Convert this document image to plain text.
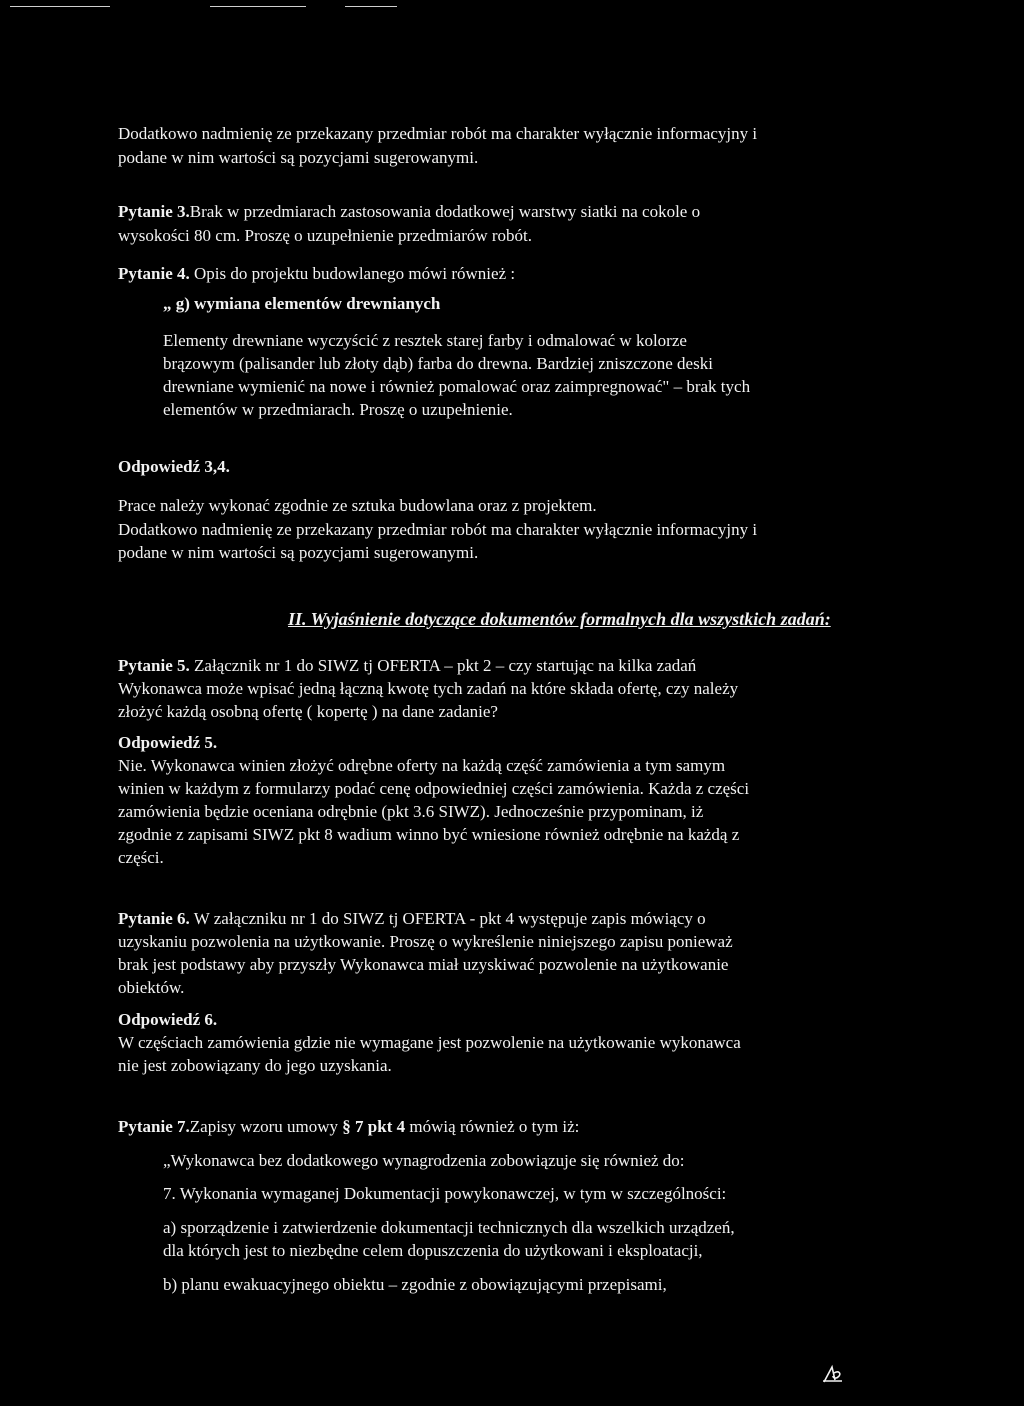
Dodatkowo nadmienię ze przekazany przedmiar robót ma charakter wyłącznie informacyjny i
podane w nim wartości są pozycjami sugerowanymi.
Pytanie 3.Brak w przedmiarach zastosowania dodatkowej warstwy siatki na cokole o
wysokości 80 cm. Proszę o uzupełnienie przedmiarów robót.
Pytanie 4. Opis do projektu budowlanego mówi również :
„ g) wymiana elementów drewnianych
Elementy drewniane wyczyścić z resztek starej farby i odmalować w kolorze
brązowym (palisander lub złoty dąb) farba do drewna. Bardziej zniszczone deski
drewniane wymienić na nowe i również pomalować oraz zaimpregnować" – brak tych
elementów w przedmiarach. Proszę o uzupełnienie.
Odpowiedź 3,4.
Prace należy wykonać zgodnie ze sztuka budowlana oraz z projektem.
Dodatkowo nadmienię ze przekazany przedmiar robót ma charakter wyłącznie informacyjny i
podane w nim wartości są pozycjami sugerowanymi.
II. Wyjaśnienie dotyczące dokumentów formalnych dla wszystkich zadań:
Pytanie 5. Załącznik nr 1 do SIWZ tj OFERTA – pkt 2 – czy startując na kilka zadań
Wykonawca może wpisać jedną łączną kwotę tych zadań na które składa ofertę, czy należy
złożyć każdą osobną ofertę ( kopertę ) na dane zadanie?
Odpowiedź 5.
Nie. Wykonawca winien złożyć odrębne oferty na każdą część zamówienia a tym samym
winien w każdym z formularzy podać cenę odpowiedniej części zamówienia. Każda z części
zamówienia będzie oceniana odrębnie (pkt 3.6 SIWZ). Jednocześnie przypominam, iż
zgodnie z zapisami SIWZ pkt 8 wadium winno być wniesione również odrębnie na każdą z
części.
Pytanie 6. W załączniku nr 1 do SIWZ tj OFERTA - pkt 4 występuje zapis mówiący o
uzyskaniu pozwolenia na użytkowanie. Proszę o wykreślenie niniejszego zapisu ponieważ
brak jest podstawy aby przyszły Wykonawca miał uzyskiwać pozwolenie na użytkowanie
obiektów.
Odpowiedź 6.
W częściach zamówienia gdzie nie wymagane jest pozwolenie na użytkowanie wykonawca
nie jest zobowiązany do jego uzyskania.
Pytanie 7.Zapisy wzoru umowy § 7 pkt 4 mówią również o tym iż:
„Wykonawca bez dodatkowego wynagrodzenia zobowiązuje się również do:
7. Wykonania wymaganej Dokumentacji powykonawczej, w tym w szczególności:
a) sporządzenie i zatwierdzenie dokumentacji technicznych dla wszelkich urządzeń,
dla których jest to niezbędne celem dopuszczenia do użytkowani i eksploatacji,
b) planu ewakuacyjnego obiektu – zgodnie z obowiązującymi przepisami,
